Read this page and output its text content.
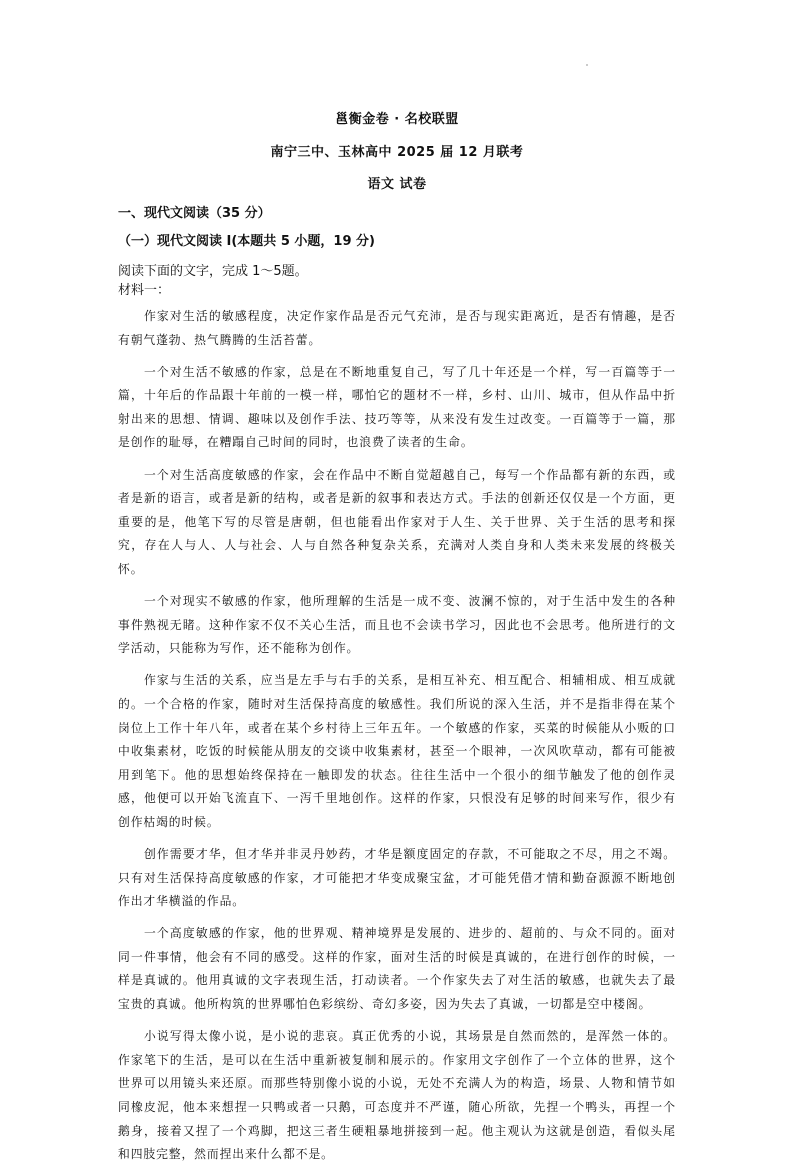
邕衡金卷 · 名校联盟
南宁三中、玉林高中 2025 届 12 月联考
语文 试卷
一、现代文阅读（35 分）
（一）现代文阅读 I(本题共 5 小题，19 分)
阅读下面的文字，完成 1～5题。
材料一：

作家对生活的敏感程度，决定作家作品是否元气充沛，是否与现实距离近，是否有情趣，是否有朝气蓬勃、热气腾腾的生活苔蕾。

一个对生活不敏感的作家，总是在不断地重复自己，写了几十年还是一个样，写一百篇等于一篇，十年后的作品跟十年前的一模一样，哪怕它的题材不一样，乡村、山川、城市，但从作品中折射出来的思想、情调、趣味以及创作手法、技巧等等，从来没有发生过改变。一百篇等于一篇，那是创作的耻辱，在糟蹋自己时间的同时，也浪费了读者的生命。

一个对生活高度敏感的作家，会在作品中不断自觉超越自己，每写一个作品都有新的东西，或者是新的语言，或者是新的结构，或者是新的叙事和表达方式。手法的创新还仅仅是一个方面，更重要的是，他笔下写的尽管是唐朝，但也能看出作家对于人生、关于世界、关于生活的思考和探究，存在人与人、人与社会、人与自然各种复杂关系，充满对人类自身和人类未来发展的终极关怀。

一个对现实不敏感的作家，他所理解的生活是一成不变、波澜不惊的，对于生活中发生的各种事件熟视无睹。这种作家不仅不关心生活，而且也不会读书学习，因此也不会思考。他所进行的文学活动，只能称为写作，还不能称为创作。

作家与生活的关系，应当是左手与右手的关系，是相互补充、相互配合、相辅相成、相互成就的。一个合格的作家，随时对生活保持高度的敏感性。我们所说的深入生活，并不是指非得在某个岗位上工作十年八年，或者在某个乡村待上三年五年。一个敏感的作家，买菜的时候能从小贩的口中收集素材，吃饭的时候能从朋友的交谈中收集素材，甚至一个眼神，一次风吹草动，都有可能被用到笔下。他的思想始终保持在一触即发的状态。往往生活中一个很小的细节触发了他的创作灵感，他便可以开始飞流直下、一泻千里地创作。这样的作家，只恨没有足够的时间来写作，很少有创作枯竭的时候。

创作需要才华，但才华并非灵丹妙药，才华是额度固定的存款，不可能取之不尽，用之不竭。只有对生活保持高度敏感的作家，才可能把才华变成聚宝盆，才可能凭借才情和勤奋源源不断地创作出才华横溢的作品。

一个高度敏感的作家，他的世界观、精神境界是发展的、进步的、超前的、与众不同的。面对同一件事情，他会有不同的感受。这样的作家，面对生活的时候是真诚的，在进行创作的时候，一样是真诚的。他用真诚的文字表现生活，打动读者。一个作家失去了对生活的敏感，也就失去了最宝贵的真诚。他所构筑的世界哪怕色彩缤纷、奇幻多姿，因为失去了真诚，一切都是空中楼阁。

小说写得太像小说，是小说的悲哀。真正优秀的小说，其场景是自然而然的，是浑然一体的。作家笔下的生活，是可以在生活中重新被复制和展示的。作家用文字创作了一个立体的世界，这个世界可以用镜头来还原。而那些特别像小说的小说，无处不充满人为的构造，场景、人物和情节如同橡皮泥，他本来想捏一只鸭或者一只鹅，可态度并不严谨，随心所欲，先捏一个鸭头，再捏一个鹅身，接着又捏了一个鸡脚，把这三者生硬粗暴地拼接到一起。他主观认为这就是创造，看似头尾和四肢完整，然而捏出来什么都不是。
